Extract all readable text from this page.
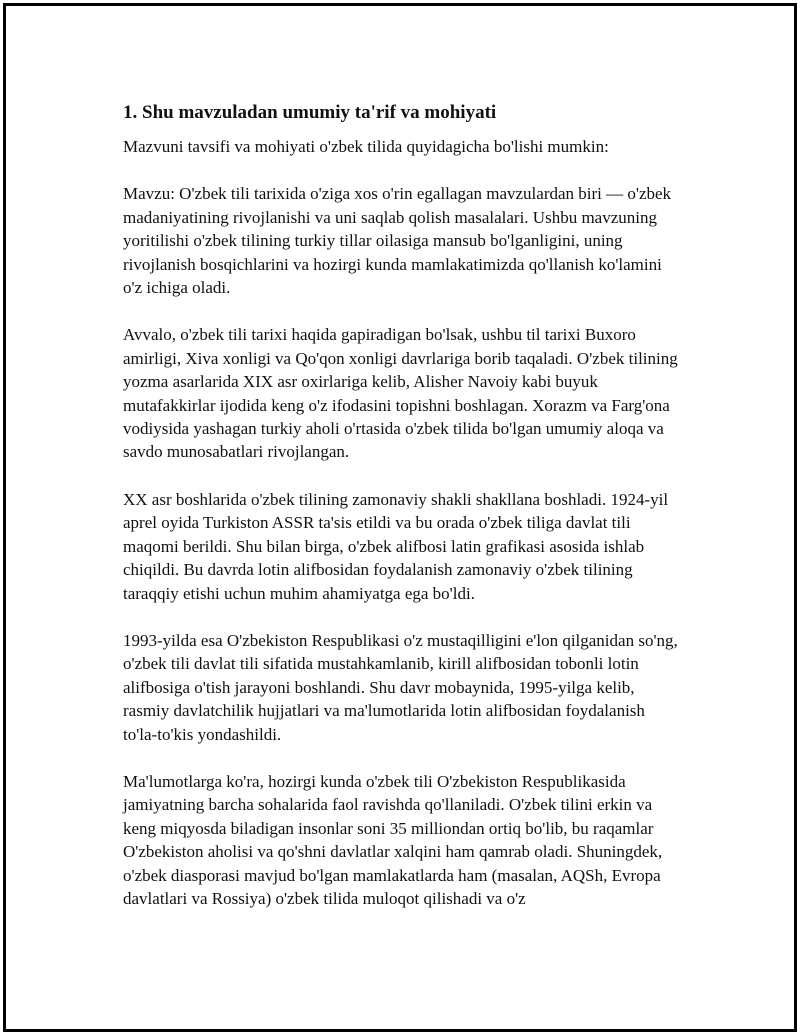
1. Shu mavzuladan umumiy ta'rif va mohiyati

Mazvuni tavsifi va mohiyati o'zbek tilida quyidagicha bo'lishi mumkin:

Mavzu: O'zbek tili tarixida o'ziga xos o'rin egallagan mavzulardan biri — o'zbek madaniyatining rivojlanishi va uni saqlab qolish masalalari. Ushbu mavzuning yoritilishi o'zbek tilining turkiy tillar oilasiga mansub bo'lganligini, uning rivojlanish bosqichlarini va hozirgi kunda mamlakatimizda qo'llanish ko'lamini o'z ichiga oladi.

Avvalo, o'zbek tili tarixi haqida gapiradigan bo'lsak, ushbu til tarixi Buxoro amirligi, Xiva xonligi va Qo'qon xonligi davrlariga borib taqaladi. O'zbek tilining yozma asarlarida XIX asr oxirlariga kelib, Alisher Navoiy kabi buyuk mutafakkirlar ijodida keng o'z ifodasini topishni boshlagan. Xorazm va Farg'ona vodiysida yashagan turkiy aholi o'rtasida o'zbek tilida bo'lgan umumiy aloqa va savdo munosabatlari rivojlangan.

XX asr boshlarida o'zbek tilining zamonaviy shakli shakllana boshladi. 1924-yil aprel oyida Turkiston ASSR ta'sis etildi va bu orada o'zbek tiliga davlat tili maqomi berildi. Shu bilan birga, o'zbek alifbosi latin grafikasi asosida ishlab chiqildi. Bu davrda lotin alifbosidan foydalanish zamonaviy o'zbek tilining taraqqiy etishi uchun muhim ahamiyatga ega bo'ldi.

1993-yilda esa O'zbekiston Respublikasi o'z mustaqilligini e'lon qilganidan so'ng, o'zbek tili davlat tili sifatida mustahkamlanib, kirill alifbosidan tobonli lotin alifbosiga o'tish jarayoni boshlandi. Shu davr mobaynida, 1995-yilga kelib, rasmiy davlatchilik hujjatlari va ma'lumotlarida lotin alifbosidan foydalanish to'la-to'kis yondashildi.

Ma'lumotlarga ko'ra, hozirgi kunda o'zbek tili O'zbekiston Respublikasida jamiyatning barcha sohalarida faol ravishda qo'llaniladi. O'zbek tilini erkin va keng miqyosda biladigan insonlar soni 35 milliondan ortiq bo'lib, bu raqamlar O'zbekiston aholisi va qo'shni davlatlar xalqini ham qamrab oladi. Shuningdek, o'zbek diasporasi mavjud bo'lgan mamlakatlarda ham (masalan, AQSh, Evropa davlatlari va Rossiya) o'zbek tilida muloqot qilishadi va o'z
